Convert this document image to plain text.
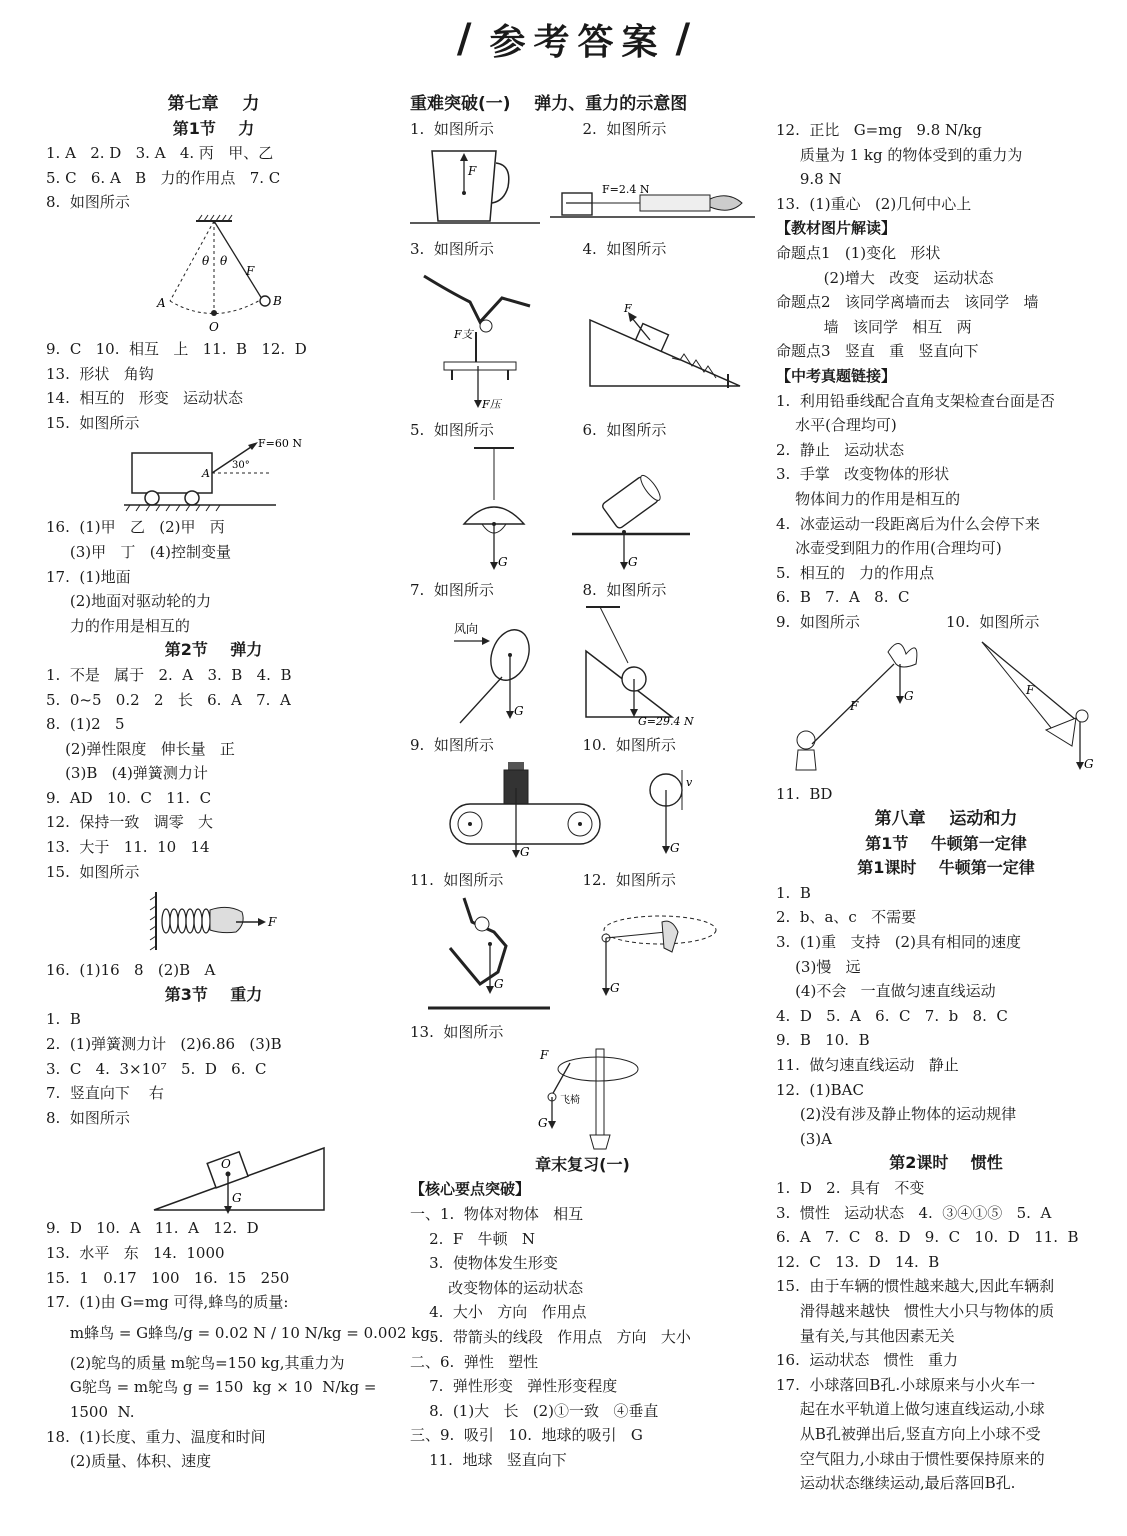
/ 参考答案 /
第七章    力
第1节    力
1. A   2. D   3. A   4. 丙   甲、乙
5. C   6. A   B   力的作用点   7. C
8.  如图所示
θ θ
F
A	B
O
9.  C   10.  相互   上   11.  B   12.  D
13.  形状   角钩
14.  相互的   形变   运动状态
15.  如图所示
A
30°
F=60 N
16.  (1)甲   乙   (2)甲   丙
(3)甲   丁   (4)控制变量
17.  (1)地面
(2)地面对驱动轮的力
力的作用是相互的
第2节    弹力
1.  不是   属于   2.  A   3.  B   4.  B
5.  0~5   0.2   2   长   6.  A   7.  A
8.  (1)2   5
(2)弹性限度   伸长量   正
(3)B   (4)弹簧测力计
9.  AD   10.  C   11.  C
12.  保持一致   调零   大
13.  大于   11.  10   14
15.  如图所示
F
16.  (1)16   8   (2)B   A
第3节    重力
1.  B
2.  (1)弹簧测力计   (2)6.86   (3)B
3.  C   4.  3×10⁷   5.  D   6.  C
7.  竖直向下    右
8.  如图所示
O
G
9.  D   10.  A   11.  A   12.  D
13.  水平   东   14.  1000
15.  1   0.17   100   16.  15   250
17.  (1)由 G=mg 可得,蜂鸟的质量:
m蜂鸟 = G蜂鸟/g = 0.02 N / 10 N/kg = 0.002 kg.
(2)鸵鸟的质量 m鸵鸟=150 kg,其重力为
G鸵鸟 = m鸵鸟 g = 150  kg × 10  N/kg =
1500  N.
18.  (1)长度、重力、温度和时间
(2)质量、体积、速度
重难突破(一)    弹力、重力的示意图
1.  如图所示	2.  如图所示
F
F=2.4 N
3.  如图所示	4.  如图所示
F支
F压
F
5.  如图所示	6.  如图所示
G	G
7.  如图所示	8.  如图所示
风向
G
G=29.4 N
9.  如图所示	10.  如图所示
G
v
G
11.  如图所示	12.  如图所示
G	G
13.  如图所示
F
G
飞椅
章末复习(一)
【核心要点突破】
一、1.  物体对物体   相互
2.  F   牛顿   N
3.  使物体发生形变
改变物体的运动状态
4.  大小   方向   作用点
5.  带箭头的线段   作用点   方向   大小
二、6.  弹性   塑性
7.  弹性形变   弹性形变程度
8.  (1)大   长   (2)①一致   ④垂直
三、9.  吸引   10.  地球的吸引   G
11.  地球   竖直向下
12.  正比   G=mg   9.8 N/kg
质量为 1 kg 的物体受到的重力为
9.8 N
13.  (1)重心   (2)几何中心上
【教材图片解读】
命题点1   (1)变化   形状
(2)增大   改变   运动状态
命题点2   该同学离墙而去   该同学   墙
墙   该同学   相互   两
命题点3   竖直   重   竖直向下
【中考真题链接】
1.  利用铅垂线配合直角支架检查台面是否
水平(合理均可)
2.  静止   运动状态
3.  手掌   改变物体的形状
物体间力的作用是相互的
4.  冰壶运动一段距离后为什么会停下来
冰壶受到阻力的作用(合理均可)
5.  相互的   力的作用点
6.  B   7.  A   8.  C
9.  如图所示	10.  如图所示
G
F
G
F
11.  BD
第八章    运动和力
第1节    牛顿第一定律
第1课时    牛顿第一定律
1.  B
2.  b、a、c   不需要
3.  (1)重   支持   (2)具有相同的速度
(3)慢   远
(4)不会   一直做匀速直线运动
4.  D   5.  A   6.  C   7.  b   8.  C
9.  B   10.  B
11.  做匀速直线运动   静止
12.  (1)BAC
(2)没有涉及静止物体的运动规律
(3)A
第2课时    惯性
1.  D   2.  具有   不变
3.  惯性   运动状态   4.  ③④①⑤   5.  A
6.  A   7.  C   8.  D   9.  C   10.  D   11.  B
12.  C   13.  D   14.  B
15.  由于车辆的惯性越来越大,因此车辆刹
滑得越来越快   惯性大小只与物体的质
量有关,与其他因素无关
16.  运动状态   惯性   重力
17.  小球落回B孔.小球原来与小火车一
起在水平轨道上做匀速直线运动,小球
从B孔被弹出后,竖直方向上小球不受
空气阻力,小球由于惯性要保持原来的
运动状态继续运动,最后落回B孔.
